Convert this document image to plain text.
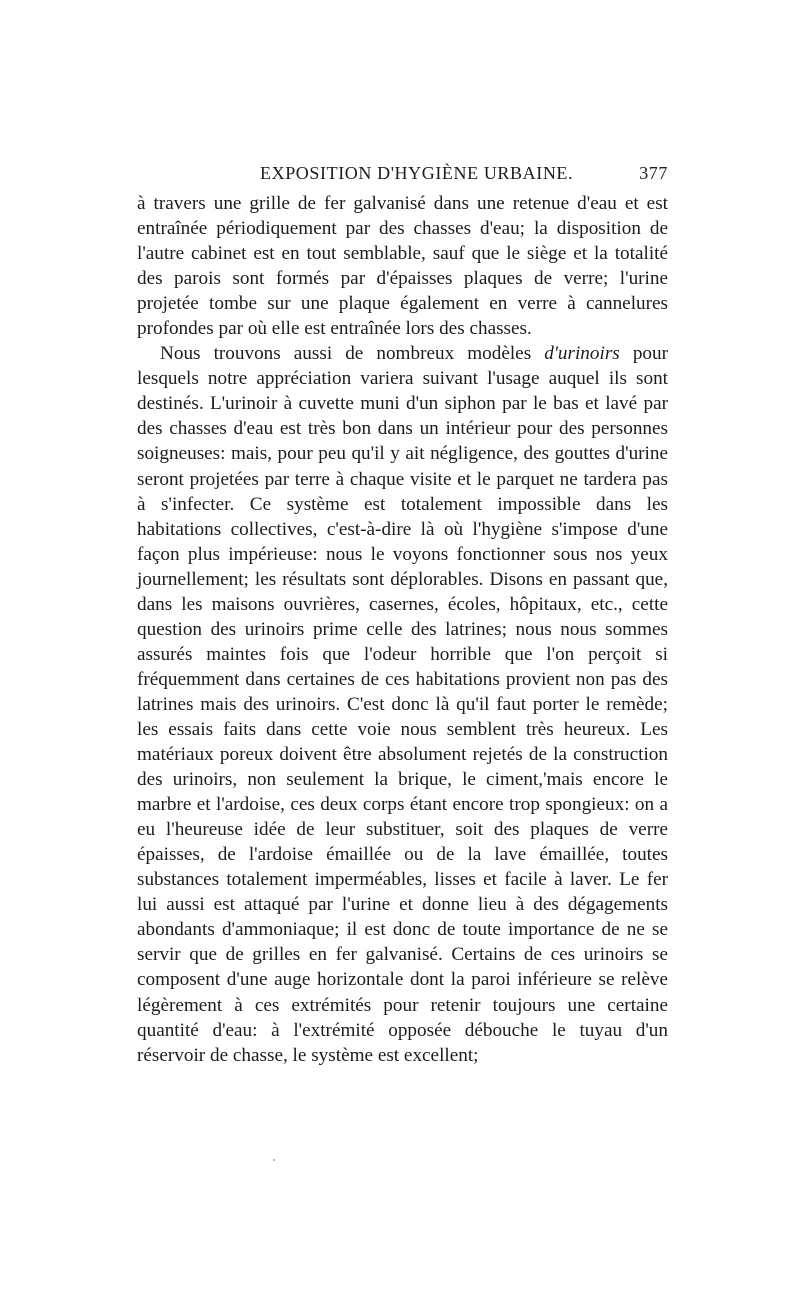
EXPOSITION D'HYGIÈNE URBAINE.	377

à travers une grille de fer galvanisé dans une retenue d'eau et est entraînée périodiquement par des chasses d'eau; la disposition de l'autre cabinet est en tout semblable, sauf que le siège et la totalité des parois sont formés par d'épaisses plaques de verre; l'urine projetée tombe sur une plaque également en verre à cannelures profondes par où elle est entraînée lors des chasses.

Nous trouvons aussi de nombreux modèles d'urinoirs pour lesquels notre appréciation variera suivant l'usage auquel ils sont destinés. L'urinoir à cuvette muni d'un siphon par le bas et lavé par des chasses d'eau est très bon dans un intérieur pour des personnes soigneuses: mais, pour peu qu'il y ait négligence, des gouttes d'urine seront projetées par terre à chaque visite et le parquet ne tardera pas à s'infecter. Ce système est totalement impossible dans les habitations collectives, c'est-à-dire là où l'hygiène s'impose d'une façon plus impérieuse: nous le voyons fonctionner sous nos yeux journellement; les résultats sont déplorables. Disons en passant que, dans les maisons ouvrières, casernes, écoles, hôpitaux, etc., cette question des urinoirs prime celle des latrines; nous nous sommes assurés maintes fois que l'odeur horrible que l'on perçoit si fréquemment dans certaines de ces habitations provient non pas des latrines mais des urinoirs. C'est donc là qu'il faut porter le remède; les essais faits dans cette voie nous semblent très heureux. Les matériaux poreux doivent être absolument rejetés de la construction des urinoirs, non seulement la brique, le ciment,'mais encore le marbre et l'ardoise, ces deux corps étant encore trop spongieux: on a eu l'heureuse idée de leur substituer, soit des plaques de verre épaisses, de l'ardoise émaillée ou de la lave émaillée, toutes substances totalement imperméables, lisses et facile à laver. Le fer lui aussi est attaqué par l'urine et donne lieu à des dégagements abondants d'ammoniaque; il est donc de toute importance de ne se servir que de grilles en fer galvanisé. Certains de ces urinoirs se composent d'une auge horizontale dont la paroi inférieure se relève légèrement à ces extrémités pour retenir toujours une certaine quantité d'eau: à l'extrémité opposée débouche le tuyau d'un réservoir de chasse, le système est excellent;
